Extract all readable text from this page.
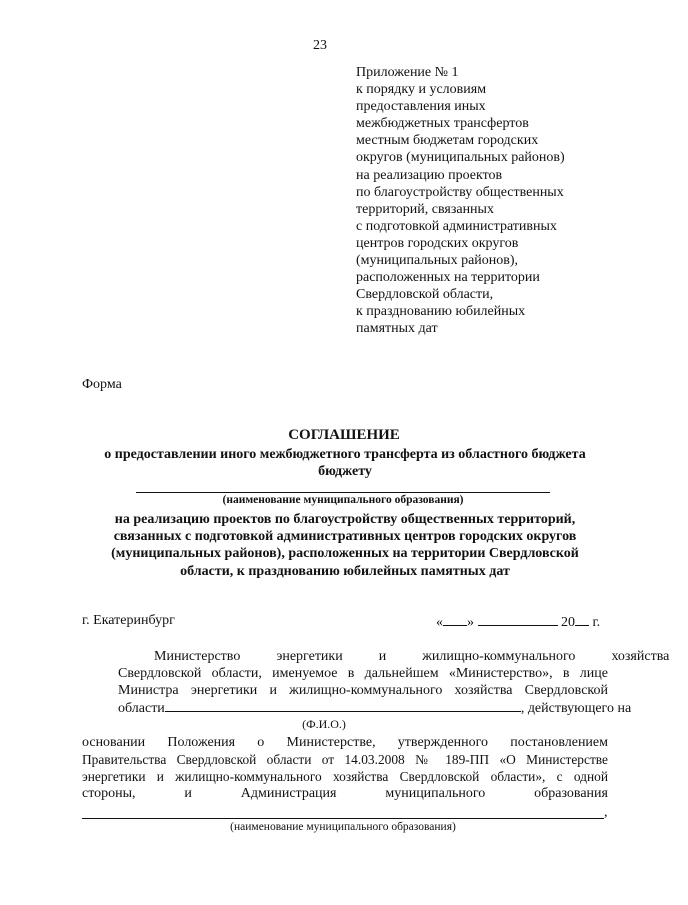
23
Приложение № 1
к порядку и условиям
предоставления иных
межбюджетных трансфертов
местным бюджетам городских
округов (муниципальных районов)
на реализацию проектов
по благоустройству общественных
территорий, связанных
с подготовкой административных
центров городских округов
(муниципальных районов),
расположенных на территории
Свердловской области,
к празднованию юбилейных
памятных дат
Форма
СОГЛАШЕНИЕ
о предоставлении иного межбюджетного трансферта из областного бюджета
бюджету
(наименование муниципального образования)
на реализацию проектов по благоустройству общественных территорий,
связанных с подготовкой административных центров городских округов
(муниципальных районов), расположенных на территории Свердловской
области, к празднованию юбилейных памятных дат
г. Екатеринбург	« »	20 г.
Министерство	энергетики	и	жилищно-коммунального	хозяйства
Свердловской области, именуемое в дальнейшем «Министерство», в лице
Министра энергетики и жилищно-коммунального хозяйства Свердловской
области	, действующего на
(Ф.И.О.)
основании Положения о Министерстве, утвержденного постановлением
Правительства Свердловской области от 14.03.2008 № 189-ПП «О Министерстве
энергетики и жилищно-коммунального хозяйства Свердловской области», с одной
стороны,	и	Администрация	муниципального	образования
,
(наименование муниципального образования)
